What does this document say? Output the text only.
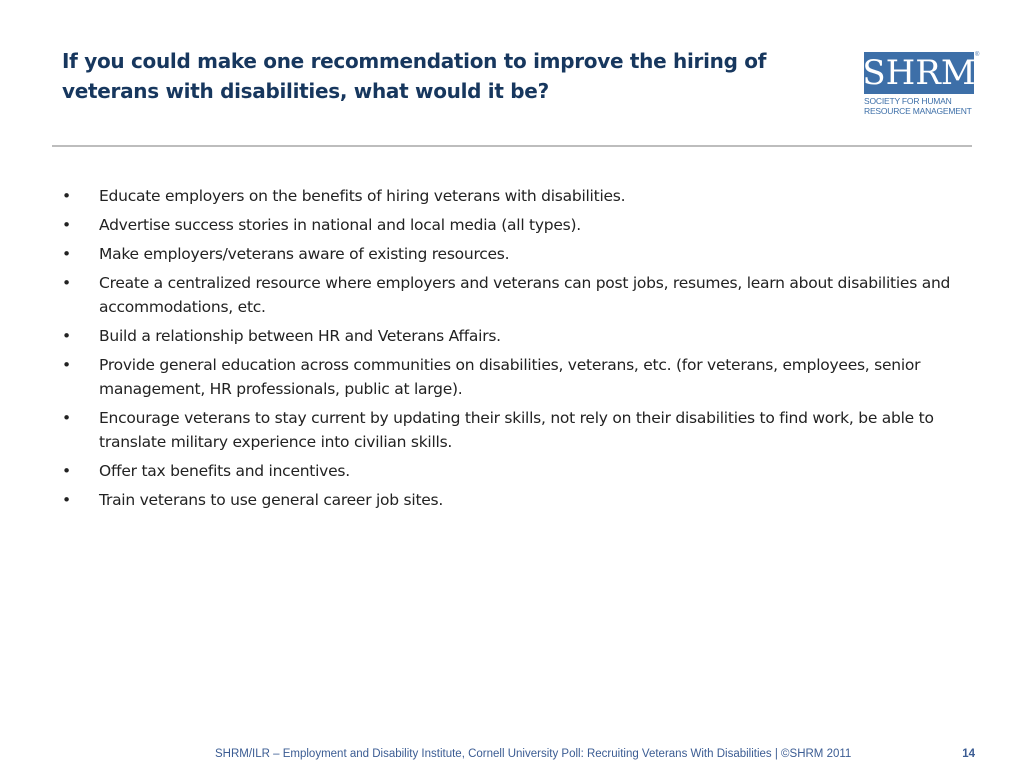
If you could make one recommendation to improve the hiring of
veterans with disabilities, what would it be?	SHRM ®
SOCIETY FOR HUMAN
RESOURCE MANAGEMENT
• Educate employers on the benefits of hiring veterans with disabilities.
• Advertise success stories in national and local media (all types).
• Make employers/veterans aware of existing resources.
• Create a centralized resource where employers and veterans can post jobs, resumes, learn about disabilities and accommodations, etc.
• Build a relationship between HR and Veterans Affairs.
• Provide general education across communities on disabilities, veterans, etc. (for veterans, employees, senior management, HR professionals, public at large).
• Encourage veterans to stay current by updating their skills, not rely on their disabilities to find work, be able to translate military experience into civilian skills.
• Offer tax benefits and incentives.
• Train veterans to use general career job sites.
SHRM/ILR – Employment and Disability Institute, Cornell University Poll: Recruiting Veterans With Disabilities | ©SHRM 2011	14
